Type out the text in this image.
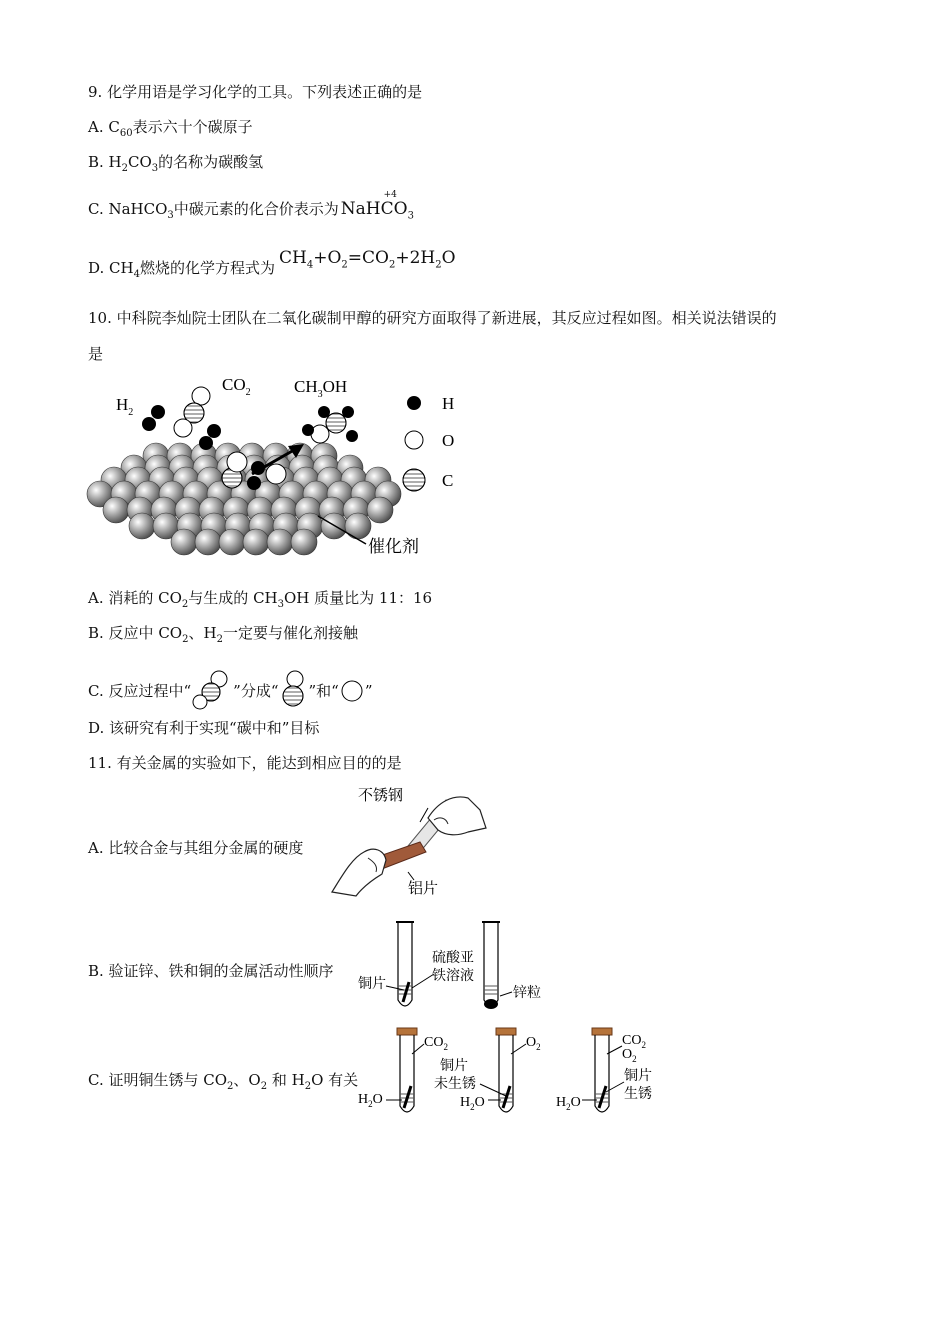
9. 化学用语是学习化学的工具。下列表述正确的是
A. $C_{60}$表示六十个碳原子
B. $H_2CO_3$的名称为碳酸氢
C. NaHCO$_3$中碳元素的化合价表示为 NaH
+4
$CO_3$
D. $CH_4$燃烧的化学方程式为 $CH_4+O_2=CO_2+2H_2O$
10. 中科院李灿院士团队在二氧化碳制甲醇的研究方面取得了新进展，其反应过程如图。相关说法错误的
是
$H_2$
$CO_2$	$CH_3OH$
H
O
C
催化剂
A. 消耗的 $CO_2$与生成的 $CH_3OH$ 质量比为 11：16
B. 反应中 $CO_2$、$H_2$一定要与催化剂接触
C. 反应过程中“	”分成“ ”和“ ”
D. 该研究有利于实现“碳中和”目标
11. 有关金属的实验如下，能达到相应目的的是
A. 比较合金与其组分金属的硬度
不锈钢
铝片
B. 验证锌、铁和铜的金属活动性顺序
铜片
硫酸亚
铁溶液
锌粒
C. 证明铜生锈与 $CO_2$、$O_2$ 和 $H_2O$ 有关
$CO_2$
$H_2O$
$O_2$
铜片
未生锈
$H_2O$
$CO_2$
$O_2$
铜片
生锈
$H_2O$
